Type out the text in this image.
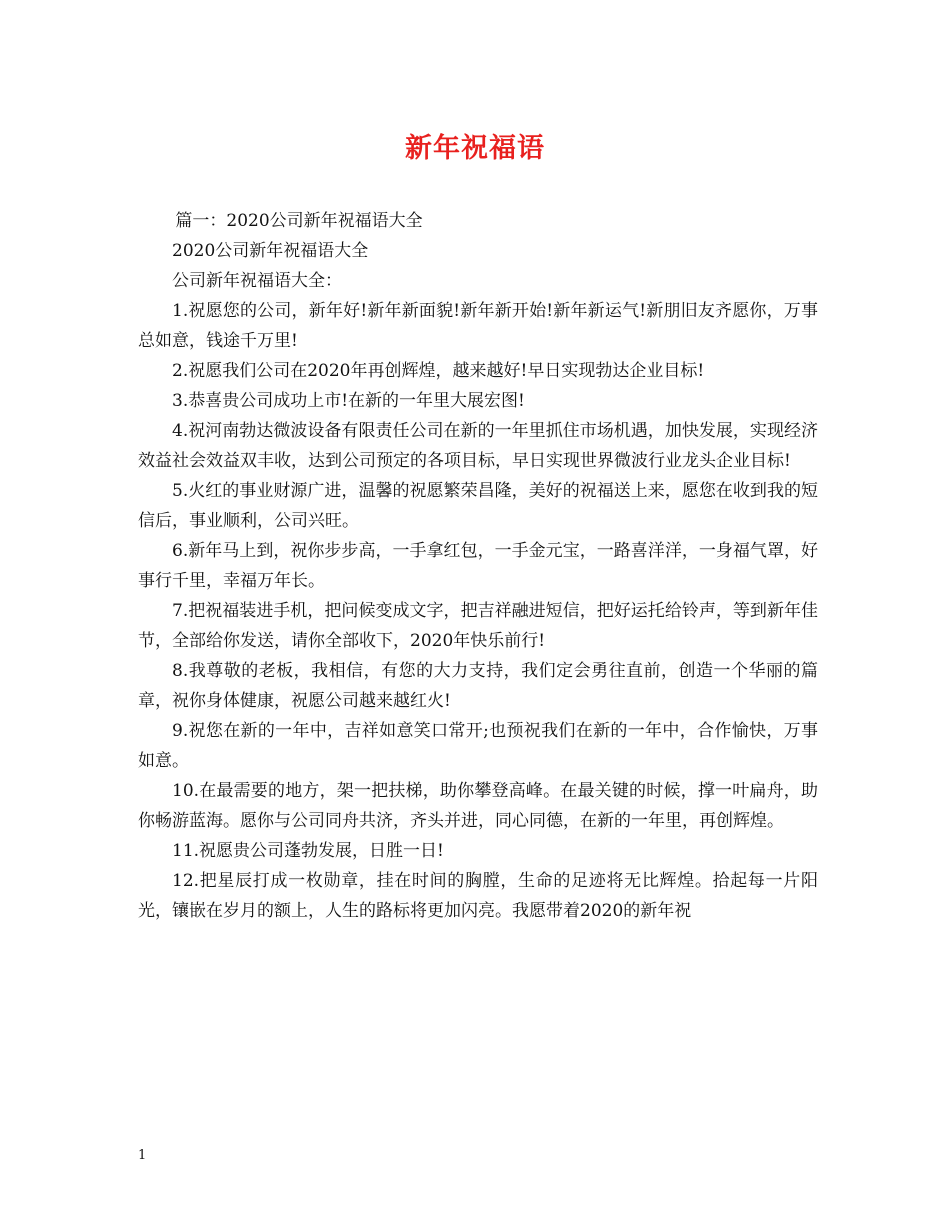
新年祝福语

篇一：2020公司新年祝福语大全

2020公司新年祝福语大全

公司新年祝福语大全：

1.祝愿您的公司，新年好!新年新面貌!新年新开始!新年新运气!新朋旧友齐愿你，万事总如意，钱途千万里!

2.祝愿我们公司在2020年再创辉煌，越来越好!早日实现勃达企业目标!

3.恭喜贵公司成功上市!在新的一年里大展宏图!

4.祝河南勃达微波设备有限责任公司在新的一年里抓住市场机遇，加快发展，实现经济效益社会效益双丰收，达到公司预定的各项目标，早日实现世界微波行业龙头企业目标!

5.火红的事业财源广进，温馨的祝愿繁荣昌隆，美好的祝福送上来，愿您在收到我的短信后，事业顺利，公司兴旺。

6.新年马上到，祝你步步高，一手拿红包，一手金元宝，一路喜洋洋，一身福气罩，好事行千里，幸福万年长。

7.把祝福装进手机，把问候变成文字，把吉祥融进短信，把好运托给铃声，等到新年佳节，全部给你发送，请你全部收下，2020年快乐前行!

8.我尊敬的老板，我相信，有您的大力支持，我们定会勇往直前，创造一个华丽的篇章，祝你身体健康，祝愿公司越来越红火!

9.祝您在新的一年中，吉祥如意笑口常开;也预祝我们在新的一年中，合作愉快，万事如意。

10.在最需要的地方，架一把扶梯，助你攀登高峰。在最关键的时候，撑一叶扁舟，助你畅游蓝海。愿你与公司同舟共济，齐头并进，同心同德，在新的一年里，再创辉煌。

11.祝愿贵公司蓬勃发展，日胜一日!

12.把星辰打成一枚勋章，挂在时间的胸膛，生命的足迹将无比辉煌。拾起每一片阳光，镶嵌在岁月的额上，人生的路标将更加闪亮。我愿带着2020的新年祝

1
